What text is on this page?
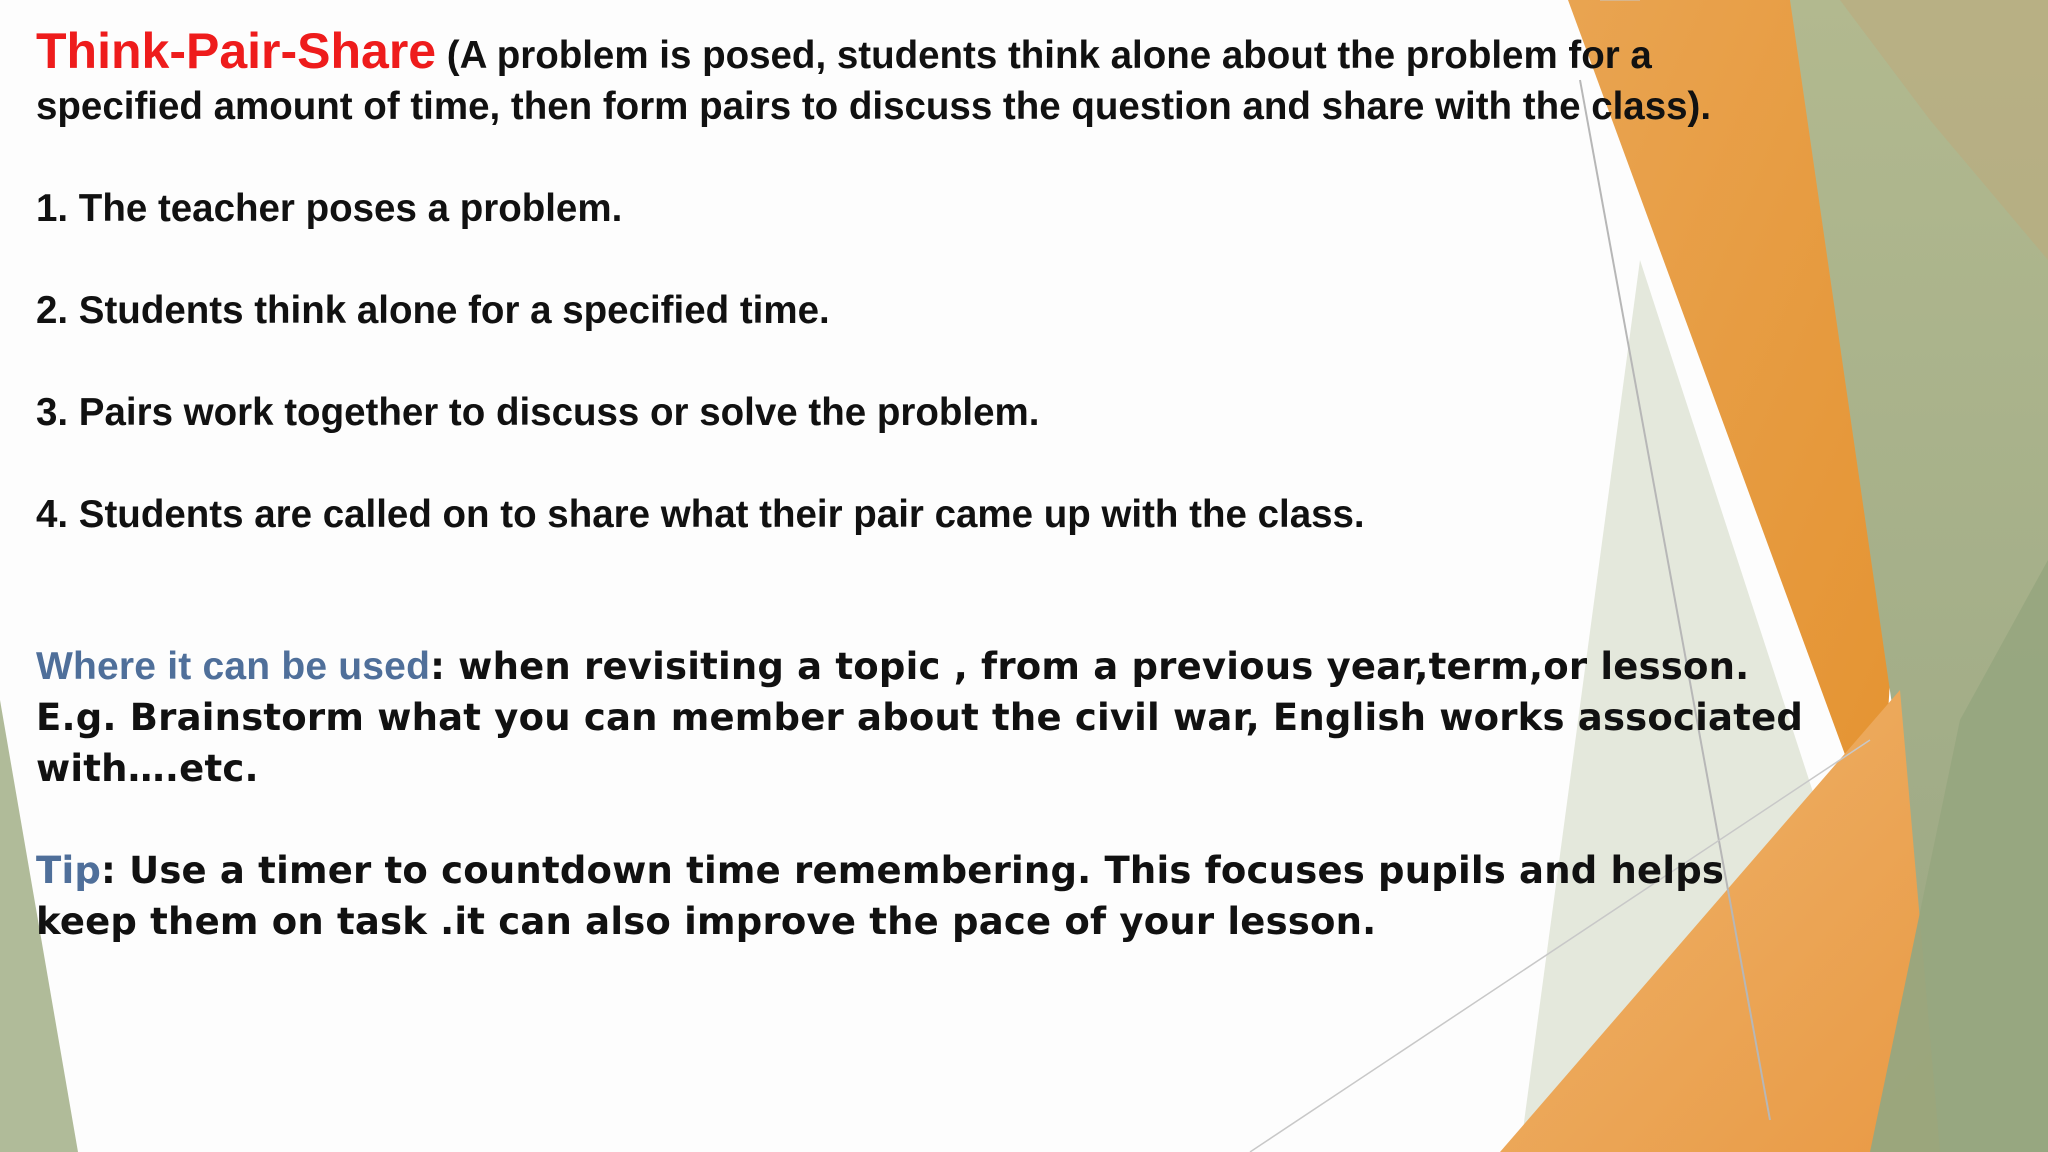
Think-Pair-Share (A problem is posed, students think alone about the problem for a specified amount of time, then form pairs to discuss the question and share with the class).

1. The teacher poses a problem.

2. Students think alone for a specified time.

3. Pairs work together to discuss or solve the problem.

4. Students are called on to share what their pair came up with the class.

Where it can be used: when revisiting a topic , from a previous year,term,or lesson. E.g. Brainstorm what you can member about the civil war, English works associated with….etc.

Tip: Use a timer to countdown time remembering. This focuses pupils and helps keep them on task .it can also improve the pace of your lesson.
